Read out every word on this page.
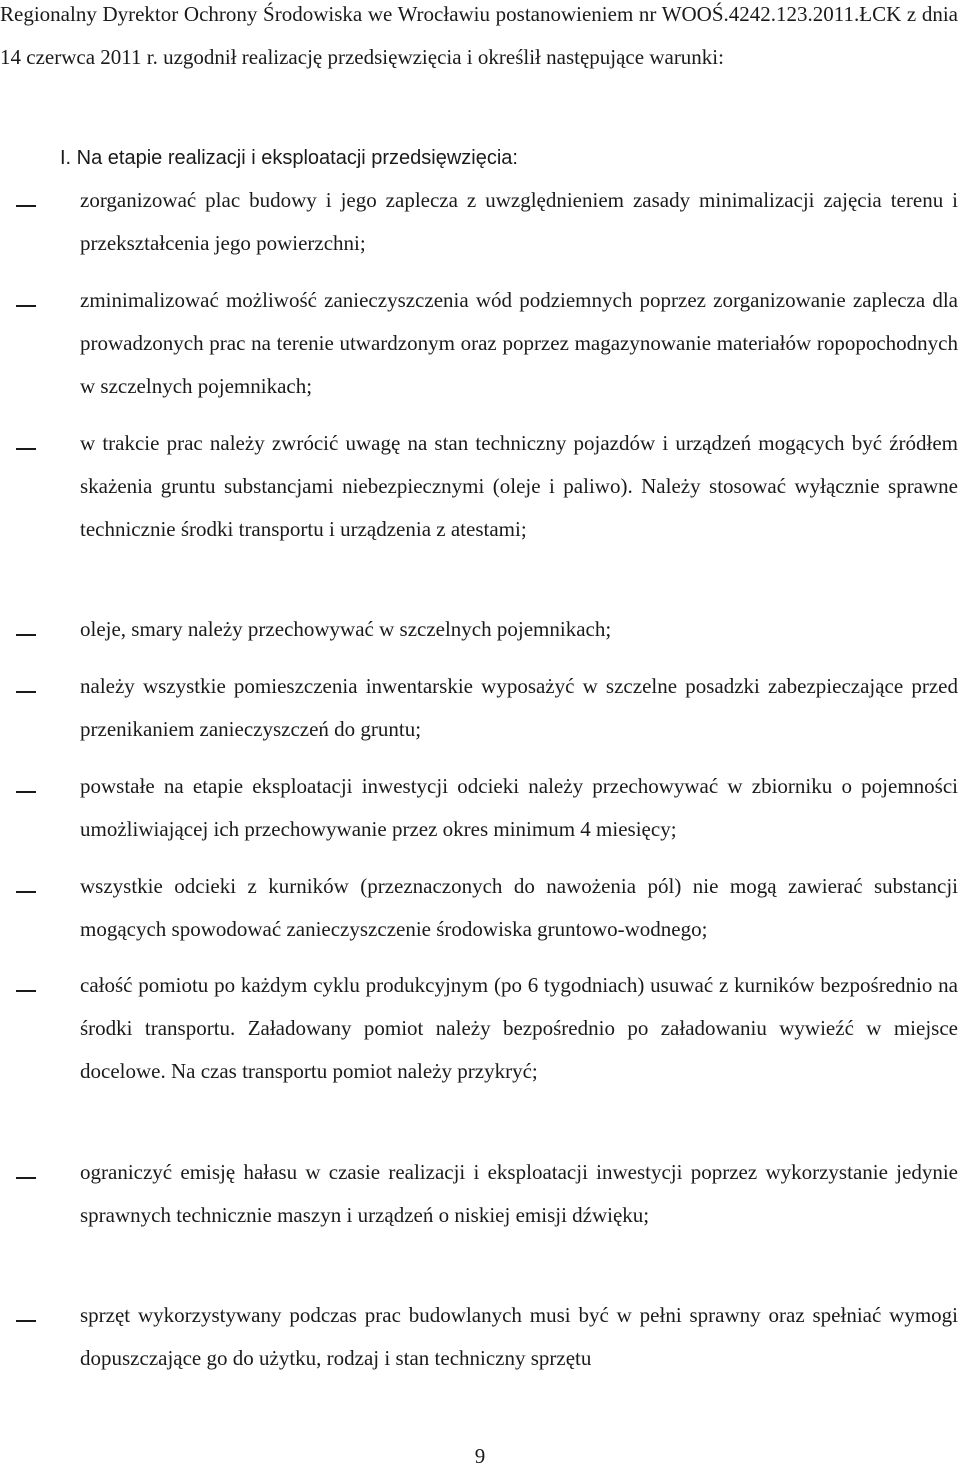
Regionalny Dyrektor Ochrony Środowiska we Wrocławiu postanowieniem nr WOOŚ.4242.123.2011.ŁCK z dnia 14 czerwca 2011 r. uzgodnił realizację przedsięwzięcia i określił następujące warunki:

I. Na etapie realizacji i eksploatacji przedsięwzięcia:

zorganizować plac budowy i jego zaplecza z uwzględnieniem zasady minimalizacji zajęcia terenu i przekształcenia jego powierzchni;

zminimalizować możliwość zanieczyszczenia wód podziemnych poprzez zorganizowanie zaplecza dla prowadzonych prac na terenie utwardzonym oraz poprzez magazynowanie materiałów ropopochodnych w szczelnych pojemnikach;

w trakcie prac należy zwrócić uwagę na stan techniczny pojazdów i urządzeń mogących być źródłem skażenia gruntu substancjami niebezpiecznymi (oleje i paliwo). Należy stosować wyłącznie sprawne technicznie środki transportu i urządzenia z atestami;

oleje, smary należy przechowywać w szczelnych pojemnikach;

należy wszystkie pomieszczenia inwentarskie wyposażyć w szczelne posadzki zabezpieczające przed przenikaniem zanieczyszczeń do gruntu;

powstałe na etapie eksploatacji inwestycji odcieki należy przechowywać w zbiorniku o pojemności umożliwiającej ich przechowywanie przez okres minimum 4 miesięcy;

wszystkie odcieki z kurników (przeznaczonych do nawożenia pól) nie mogą zawierać substancji mogących spowodować zanieczyszczenie środowiska gruntowo-wodnego;

całość pomiotu po każdym cyklu produkcyjnym (po 6 tygodniach) usuwać z kurników bezpośrednio na środki transportu. Załadowany pomiot należy bezpośrednio po załadowaniu wywieźć w miejsce docelowe. Na czas transportu pomiot należy przykryć;

ograniczyć emisję hałasu w czasie realizacji i eksploatacji inwestycji poprzez wykorzystanie jedynie sprawnych technicznie maszyn i urządzeń o niskiej emisji dźwięku;

sprzęt wykorzystywany podczas prac budowlanych musi być w pełni sprawny oraz spełniać wymogi dopuszczające go do użytku, rodzaj i stan techniczny sprzętu

9
